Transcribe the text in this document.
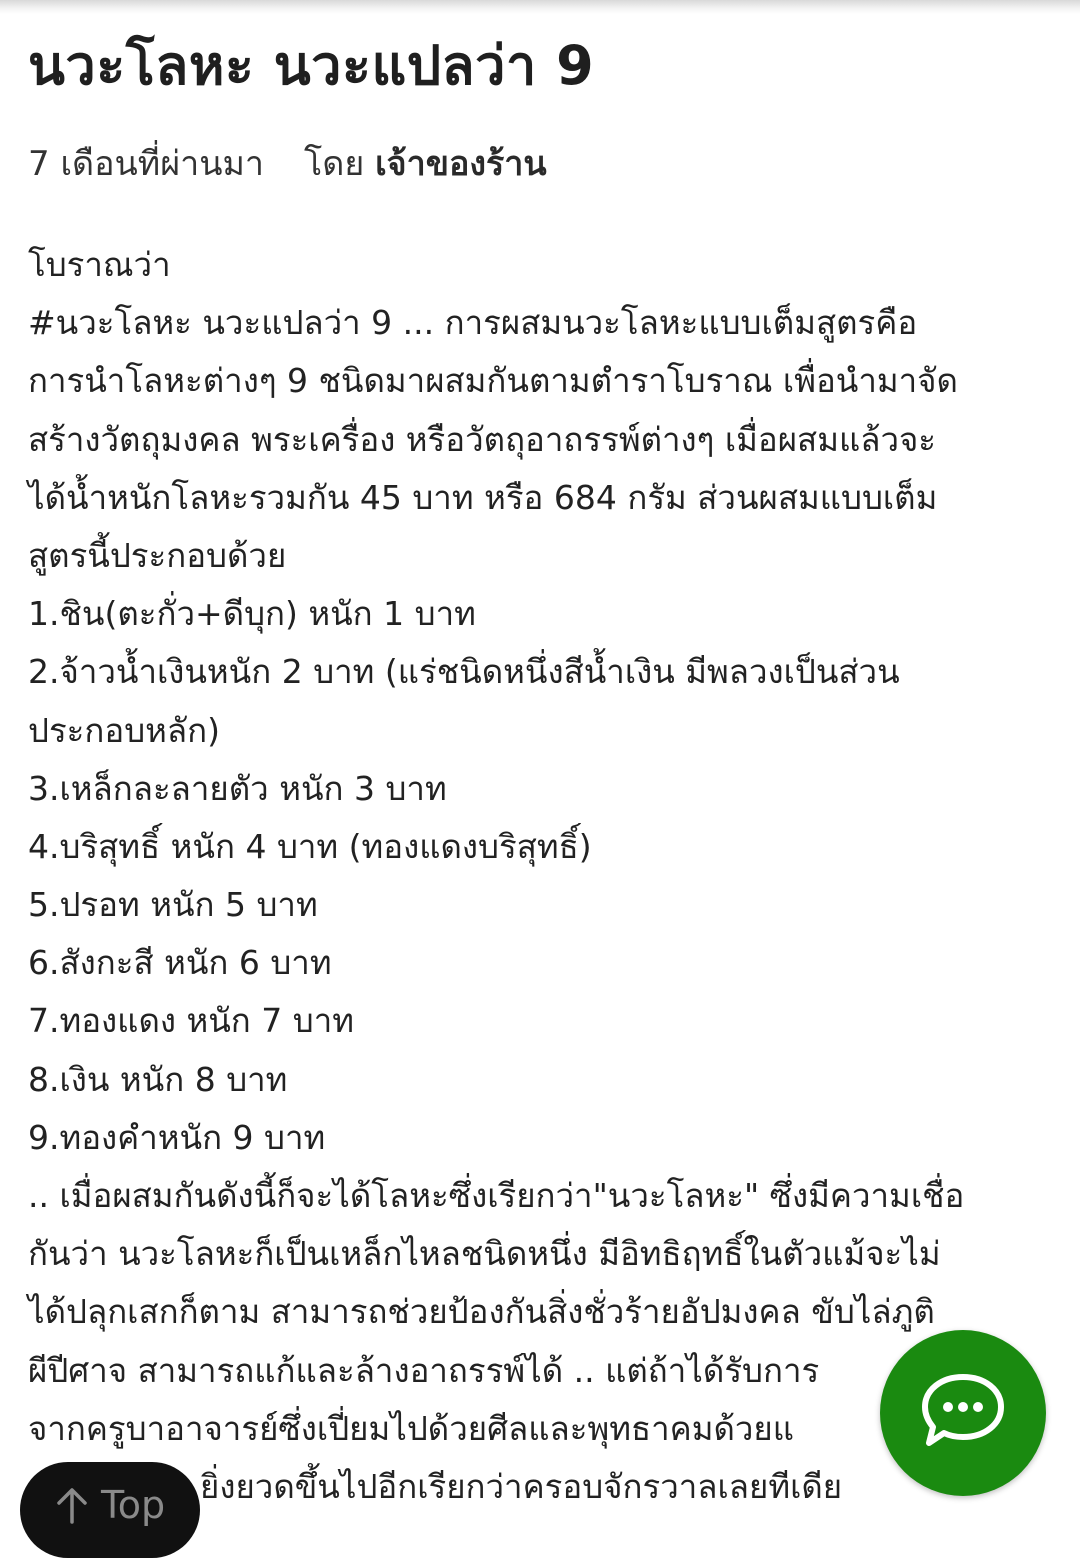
นวะโลหะ นวะแปลว่า 9
7 เดือนที่ผ่านมา โดย เจ้าของร้าน
โบราณว่า
#นวะโลหะ นวะแปลว่า 9 ... การผสมนวะโลหะแบบเต็มสูตรคือ
การนำโลหะต่างๆ 9 ชนิดมาผสมกันตามตำราโบราณ เพื่อนำมาจัด
สร้างวัตถุมงคล พระเครื่อง หรือวัตถุอาถรรพ์ต่างๆ เมื่อผสมแล้วจะ
ได้น้ำหนักโลหะรวมกัน 45 บาท หรือ 684 กรัม ส่วนผสมแบบเต็ม
สูตรนี้ประกอบด้วย
1.ชิน(ตะกั่ว+ดีบุก) หนัก 1 บาท
2.จ้าวน้ำเงินหนัก 2 บาท (แร่ชนิดหนึ่งสีน้ำเงิน มีพลวงเป็นส่วน
ประกอบหลัก)
3.เหล็กละลายตัว หนัก 3 บาท
4.บริสุทธิ์ หนัก 4 บาท (ทองแดงบริสุทธิ์)
5.ปรอท หนัก 5 บาท
6.สังกะสี หนัก 6 บาท
7.ทองแดง หนัก 7 บาท
8.เงิน หนัก 8 บาท
9.ทองคำหนัก 9 บาท
.. เมื่อผสมกันดังนี้ก็จะได้โลหะซึ่งเรียกว่า"นวะโลหะ" ซึ่งมีความเชื่อ
กันว่า นวะโลหะก็เป็นเหล็กไหลชนิดหนึ่ง มีอิทธิฤทธิ์ในตัวแม้จะไม่
ได้ปลุกเสกก็ตาม สามารถช่วยป้องกันสิ่งชั่วร้ายอัปมงคล ขับไล่ภูติ
ผีปีศาจ สามารถแก้และล้างอาถรรพ์ได้ .. แต่ถ้าได้รับการ
จากครูบาอาจารย์ซึ่งเปี่ยมไปด้วยศีลและพุทธาคมด้วยแ
ยิ่งยวดขึ้นไปอีกเรียกว่าครอบจักรวาลเลยทีเดีย
Top
